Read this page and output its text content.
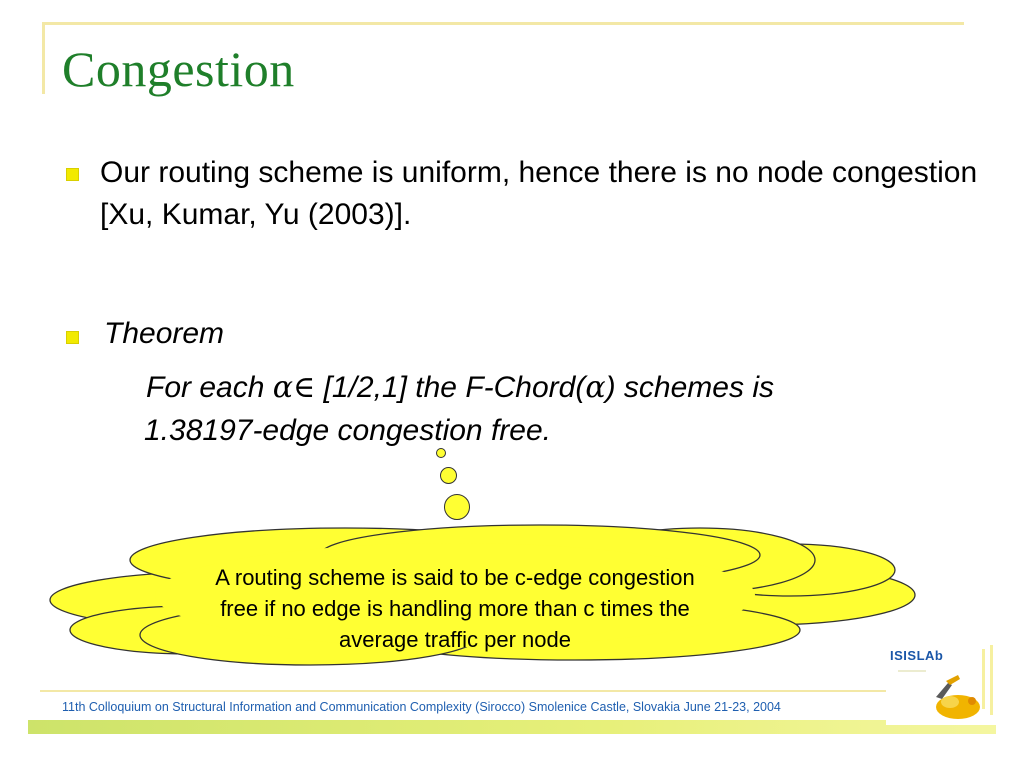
Congestion

Our routing scheme is uniform, hence there is no node congestion [Xu, Kumar, Yu (2003)].

Theorem

For each α∈ [1/2,1] the F-Chord(α) schemes is

1.38197-edge congestion free.

A routing scheme is said to be c-edge congestion free if no edge is handling more than c times the average traffic per node

11th Colloquium on Structural Information and Communication Complexity (Sirocco) Smolenice Castle, Slovakia June 21-23, 2004
ISISLAb
